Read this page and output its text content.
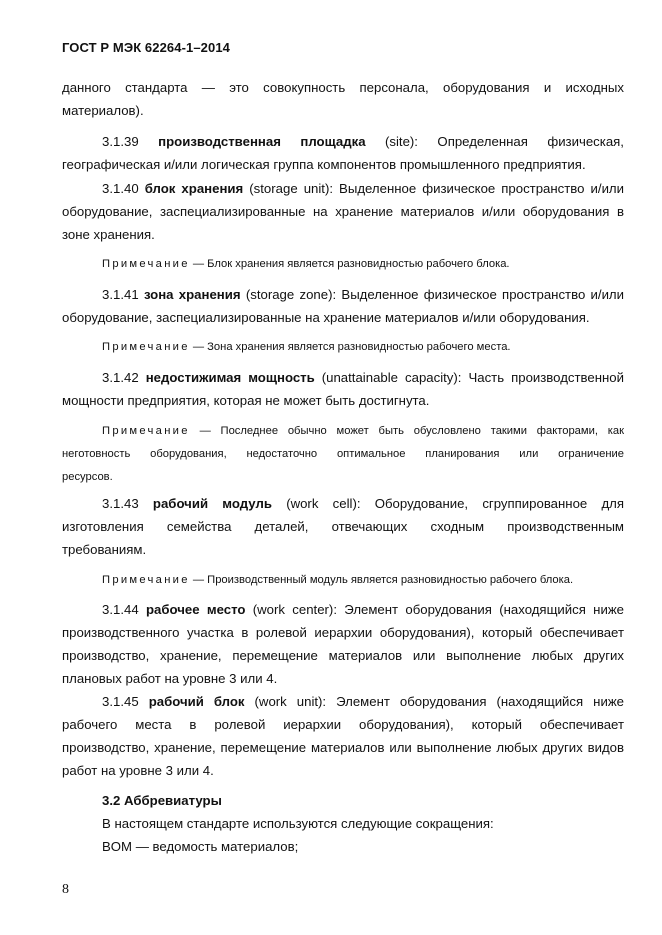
ГОСТ Р МЭК 62264-1–2014
данного стандарта — это совокупность персонала, оборудования и исходных
материалов).
3.1.39 производственная площадка (site): Определенная физическая,
географическая и/или логическая группа компонентов промышленного предприятия.
3.1.40 блок хранения (storage unit): Выделенное физическое пространство и/или
оборудование, заспециализированные на хранение материалов и/или оборудования в
зоне хранения.
Примечание — Блок хранения является разновидностью рабочего блока.
3.1.41 зона хранения (storage zone): Выделенное физическое пространство и/или
оборудование, заспециализированные на хранение материалов и/или оборудования.
Примечание — Зона хранения является разновидностью рабочего места.
3.1.42 недостижимая мощность (unattainable capacity): Часть производственной
мощности предприятия, которая не может быть достигнута.
Примечание — Последнее обычно может быть обусловлено такими факторами, как
неготовность оборудования, недостаточно оптимальное планирования или ограничение
ресурсов.
3.1.43 рабочий модуль (work cell): Оборудование, сгруппированное для
изготовления семейства деталей, отвечающих сходным производственным
требованиям.
Примечание — Производственный модуль является разновидностью рабочего блока.
3.1.44 рабочее место (work center): Элемент оборудования (находящийся ниже
производственного участка в ролевой иерархии оборудования), который обеспечивает
производство, хранение, перемещение материалов или выполнение любых других
плановых работ на уровне 3 или 4.
3.1.45 рабочий блок (work unit): Элемент оборудования (находящийся ниже
рабочего места в ролевой иерархии оборудования), который обеспечивает
производство, хранение, перемещение материалов или выполнение любых других видов
работ на уровне 3 или 4.
3.2 Аббревиатуры
В настоящем стандарте используются следующие сокращения:
BOM — ведомость материалов;
8
